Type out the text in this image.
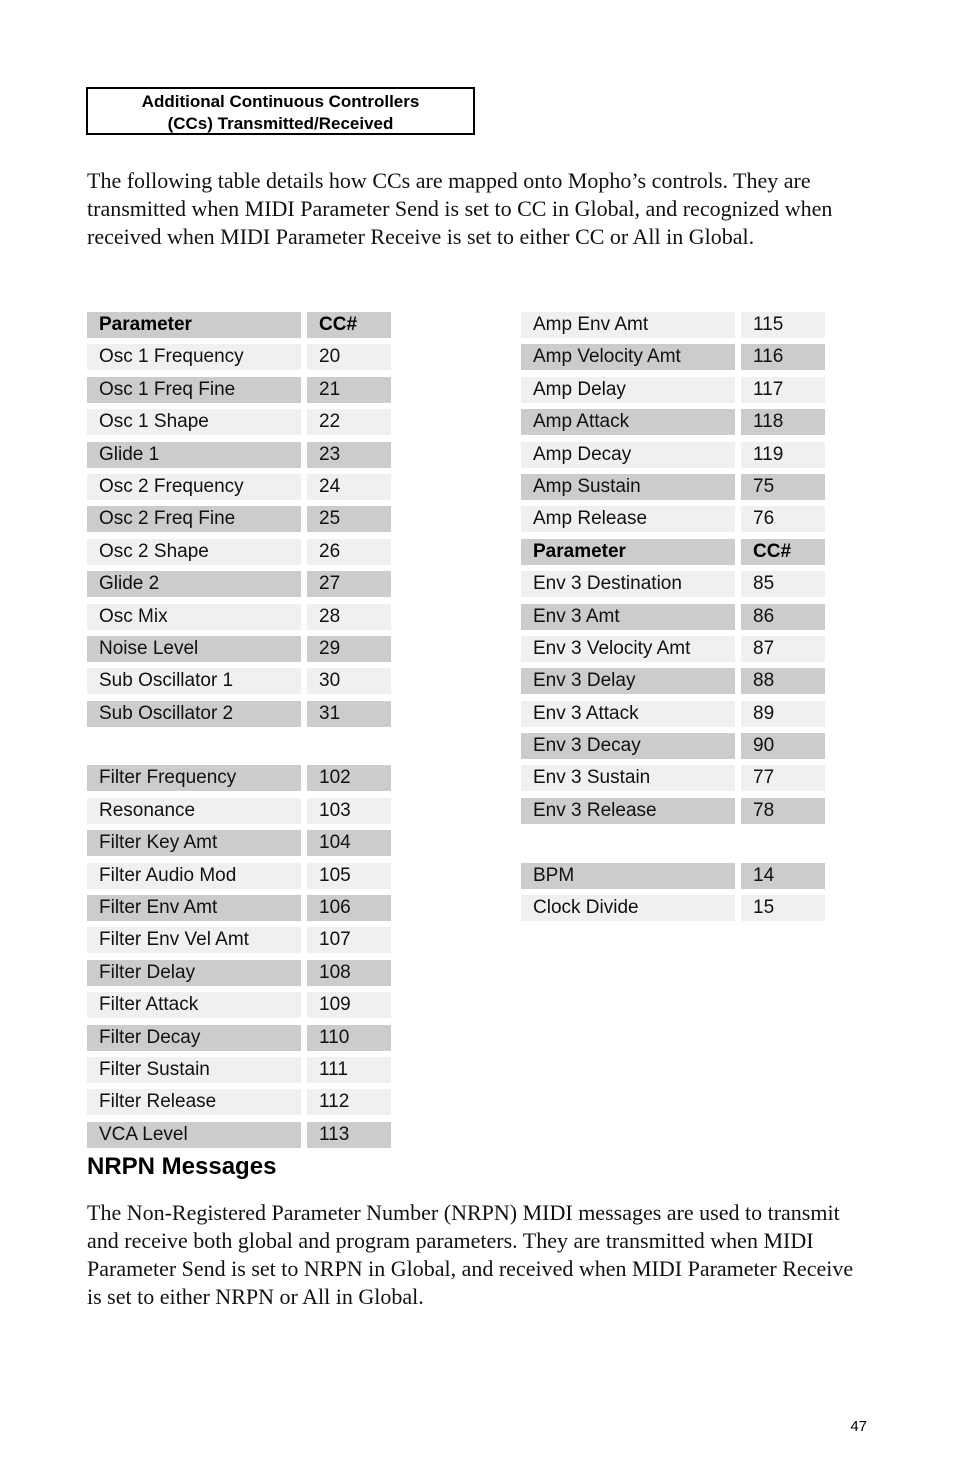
Additional Continuous Controllers
(CCs) Transmitted/Received

The following table details how CCs are mapped onto Mopho’s controls. They are transmitted when MIDI Parameter Send is set to CC in Global, and recognized when received when MIDI Parameter Receive is set to either CC or All in Global.

Parameter	CC#
Osc 1 Frequency	20
Osc 1 Freq Fine	21
Osc 1 Shape	22
Glide 1	23
Osc 2 Frequency	24
Osc 2 Freq Fine	25
Osc 2 Shape	26
Glide 2	27
Osc Mix	28
Noise Level	29
Sub Oscillator 1	30
Sub Oscillator 2	31
Filter Frequency	102
Resonance	103
Filter Key Amt	104
Filter Audio Mod	105
Filter Env Amt	106
Filter Env Vel Amt	107
Filter Delay	108
Filter Attack	109
Filter Decay	110
Filter Sustain	111
Filter Release	112
VCA Level	113
Amp Env Amt	115
Amp Velocity Amt	116
Amp Delay	117
Amp Attack	118
Amp Decay	119
Amp Sustain	75
Amp Release	76
Parameter	CC#
Env 3 Destination	85
Env 3 Amt	86
Env 3 Velocity Amt	87
Env 3 Delay	88
Env 3 Attack	89
Env 3 Decay	90
Env 3 Sustain	77
Env 3 Release	78
BPM	14
Clock Divide	15
NRPN Messages

The Non-Registered Parameter Number (NRPN) MIDI messages are used to transmit and receive both global and program parameters. They are transmitted when MIDI Parameter Send is set to NRPN in Global, and received when MIDI Parameter Receive is set to either NRPN or All in Global.

47
